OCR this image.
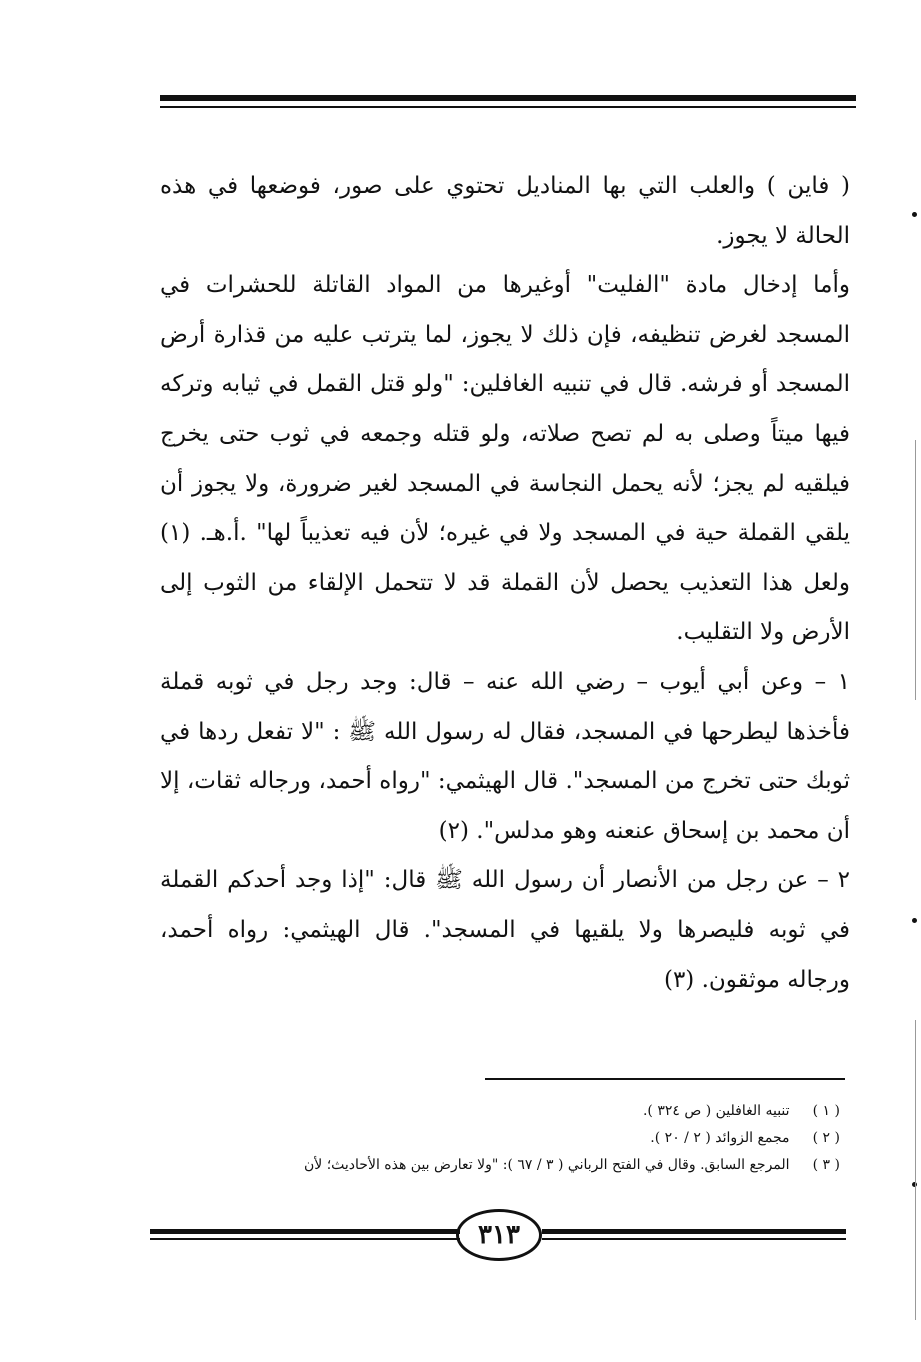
( فاين ) والعلب التي بها المناديل تحتوي على صور، فوضعها في هذه الحالة لا يجوز.

وأما إدخال مادة "الفليت" أوغيرها من المواد القاتلة للحشرات في المسجد لغرض تنظيفه، فإن ذلك لا يجوز، لما يترتب عليه من قذارة أرض المسجد أو فرشه. قال في تنبيه الغافلين: "ولو قتل القمل في ثيابه وتركه فيها ميتاً وصلى به لم تصح صلاته، ولو قتله وجمعه في ثوب حتى يخرج فيلقيه لم يجز؛ لأنه يحمل النجاسة في المسجد لغير ضرورة، ولا يجوز أن يلقي القملة حية في المسجد ولا في غيره؛ لأن فيه تعذيباً لها" .أ.هـ. (١) ولعل هذا التعذيب يحصل لأن القملة قد لا تتحمل الإلقاء من الثوب إلى الأرض ولا التقليب.

١ – وعن أبي أيوب – رضي الله عنه – قال: وجد رجل في ثوبه قملة فأخذها ليطرحها في المسجد، فقال له رسول الله ﷺ : "لا تفعل ردها في ثوبك حتى تخرج من المسجد". قال الهيثمي: "رواه أحمد، ورجاله ثقات، إلا أن محمد بن إسحاق عنعنه وهو مدلس". (٢)

٢ – عن رجل من الأنصار أن رسول الله ﷺ قال: "إذا وجد أحدكم القملة في ثوبه فليصرها ولا يلقيها في المسجد". قال الهيثمي: رواه أحمد، ورجاله موثقون. (٣)

( ١ ) تنبيه الغافلين ( ص ٣٢٤ ).

( ٢ ) مجمع الزوائد ( ٢ / ٢٠ ).

( ٣ ) المرجع السابق. وقال في الفتح الرباني ( ٣ / ٦٧ ): "ولا تعارض بين هذه الأحاديث؛ لأن

٣١٣
